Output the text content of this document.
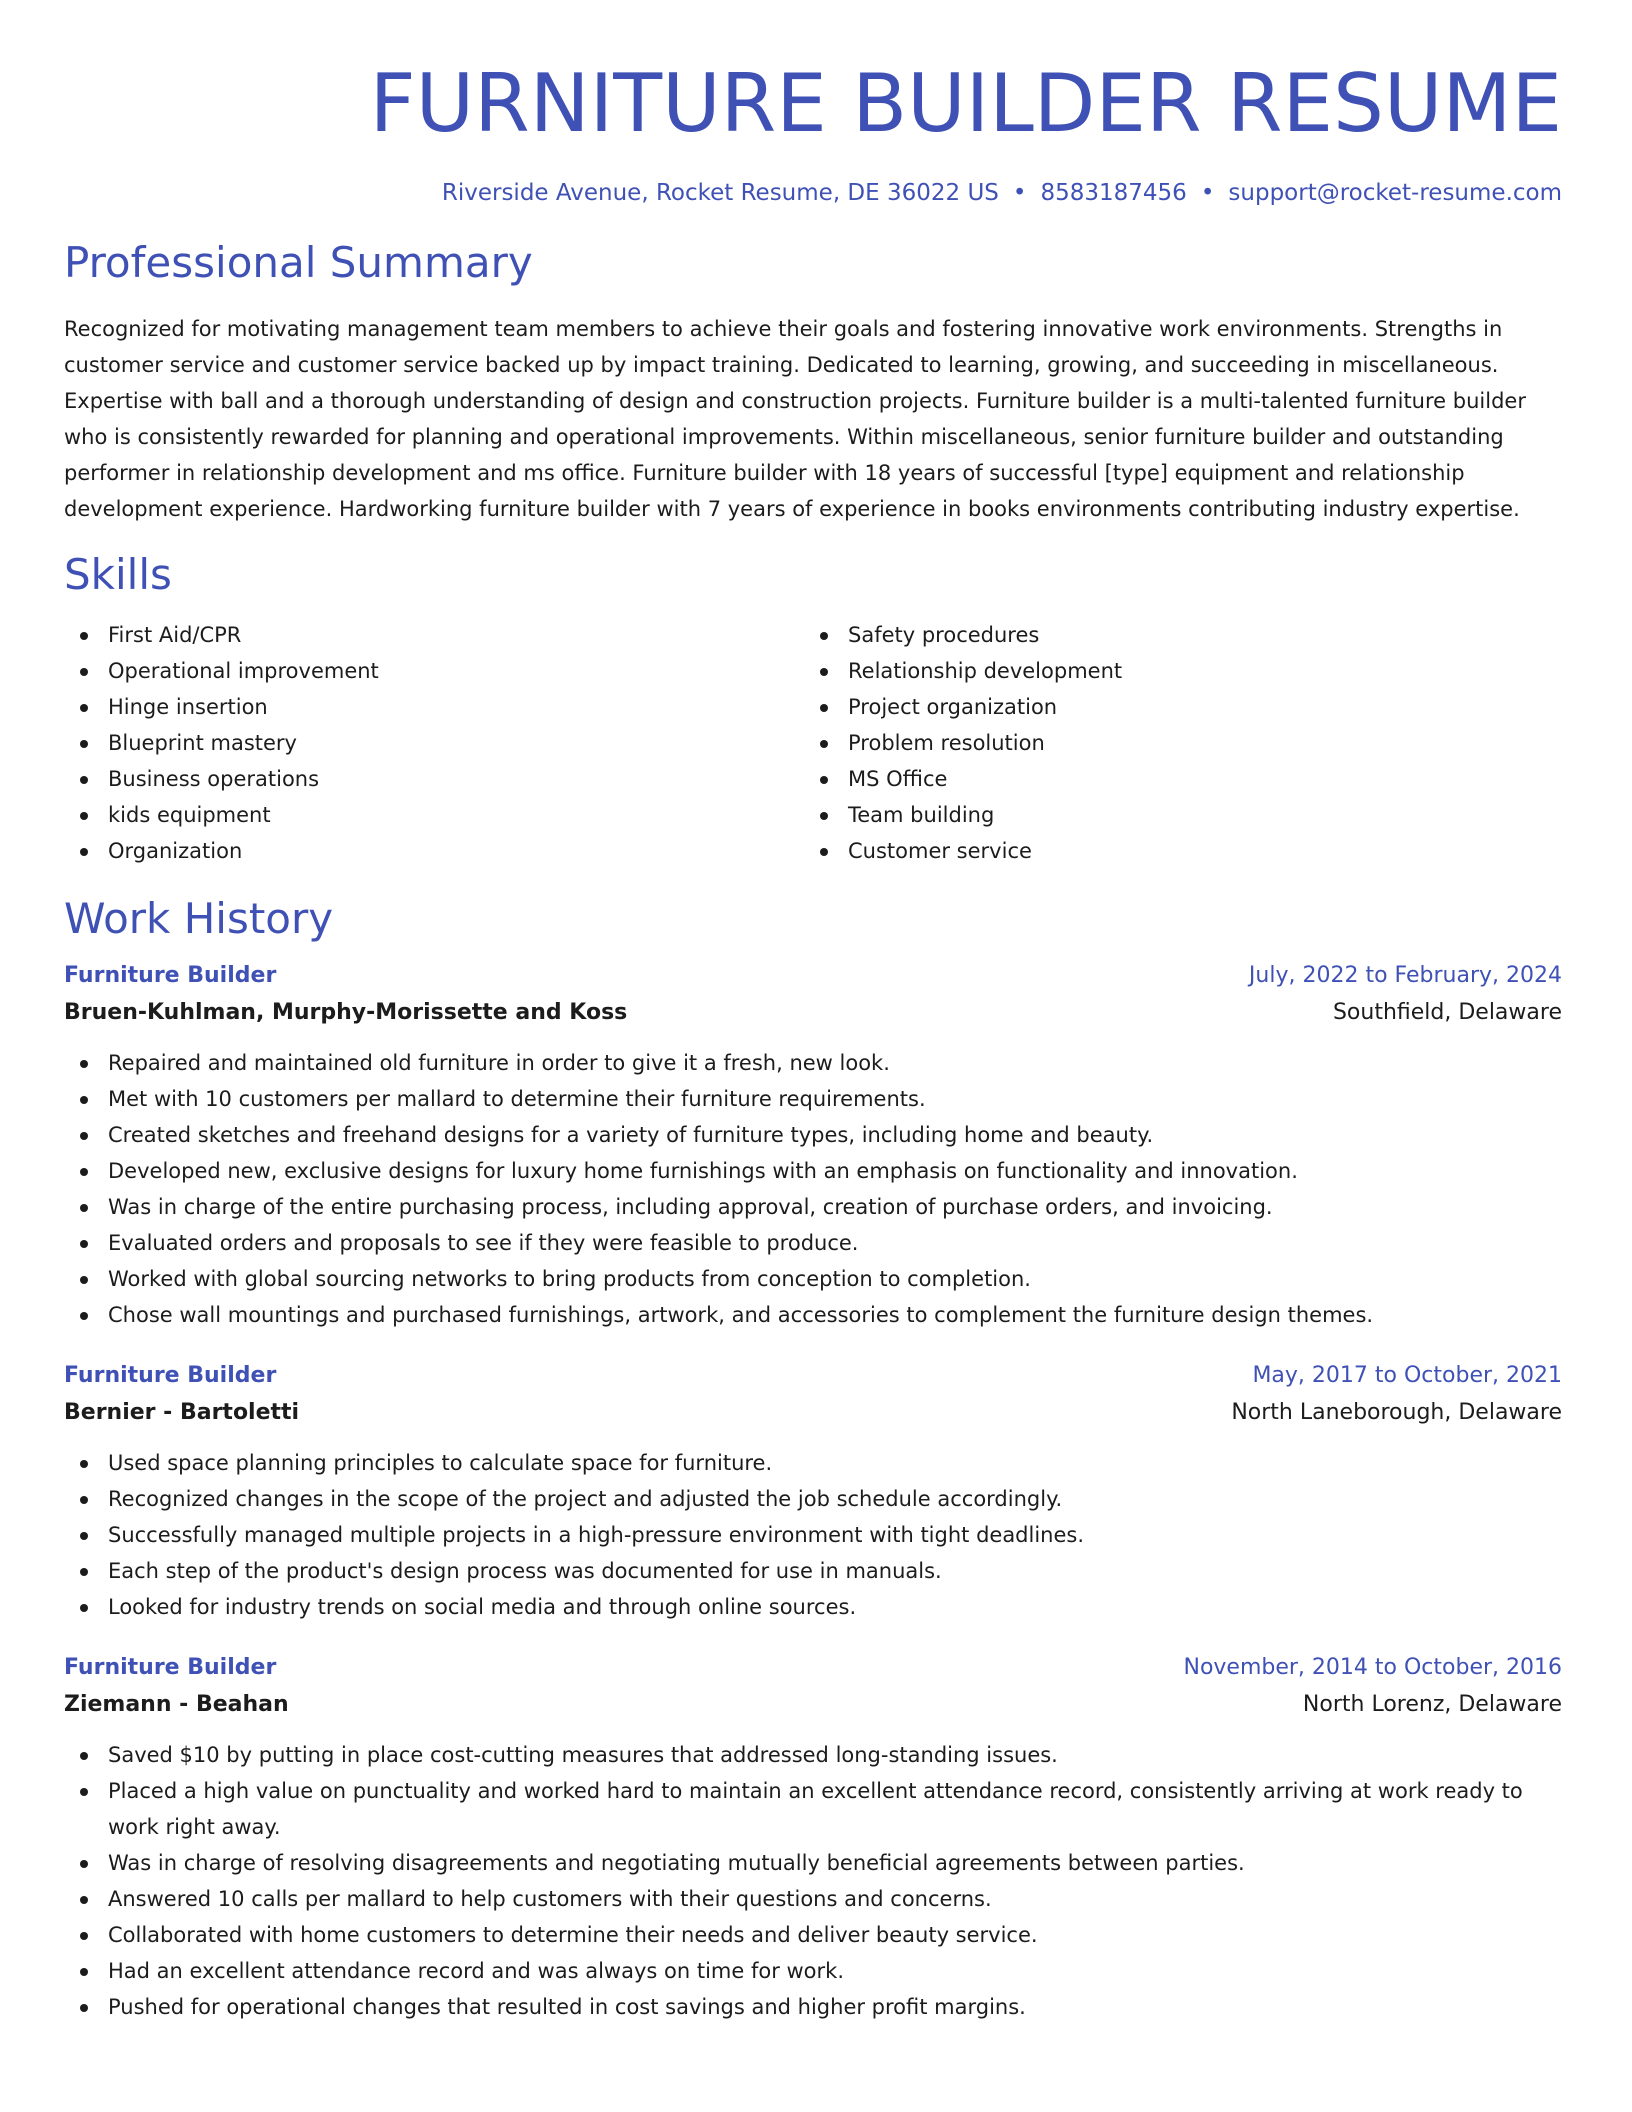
FURNITURE BUILDER RESUME
Riverside Avenue, Rocket Resume, DE 36022 US • 8583187456 • support@rocket-resume.com
Professional Summary
Recognized for motivating management team members to achieve their goals and fostering innovative work environments. Strengths in customer service and customer service backed up by impact training. Dedicated to learning, growing, and succeeding in miscellaneous. Expertise with ball and a thorough understanding of design and construction projects. Furniture builder is a multi-talented furniture builder who is consistently rewarded for planning and operational improvements. Within miscellaneous, senior furniture builder and outstanding performer in relationship development and ms office. Furniture builder with 18 years of successful [type] equipment and relationship development experience. Hardworking furniture builder with 7 years of experience in books environments contributing industry expertise.
Skills
First Aid/CPR
Operational improvement
Hinge insertion
Blueprint mastery
Business operations
kids equipment
Organization
Safety procedures
Relationship development
Project organization
Problem resolution
MS Office
Team building
Customer service
Work History
Furniture Builder	July, 2022 to February, 2024
Bruen-Kuhlman, Murphy-Morissette and Koss	Southfield, Delaware
Repaired and maintained old furniture in order to give it a fresh, new look.
Met with 10 customers per mallard to determine their furniture requirements.
Created sketches and freehand designs for a variety of furniture types, including home and beauty.
Developed new, exclusive designs for luxury home furnishings with an emphasis on functionality and innovation.
Was in charge of the entire purchasing process, including approval, creation of purchase orders, and invoicing.
Evaluated orders and proposals to see if they were feasible to produce.
Worked with global sourcing networks to bring products from conception to completion.
Chose wall mountings and purchased furnishings, artwork, and accessories to complement the furniture design themes.
Furniture Builder	May, 2017 to October, 2021
Bernier - Bartoletti	North Laneborough, Delaware
Used space planning principles to calculate space for furniture.
Recognized changes in the scope of the project and adjusted the job schedule accordingly.
Successfully managed multiple projects in a high-pressure environment with tight deadlines.
Each step of the product's design process was documented for use in manuals.
Looked for industry trends on social media and through online sources.
Furniture Builder	November, 2014 to October, 2016
Ziemann - Beahan	North Lorenz, Delaware
Saved $10 by putting in place cost-cutting measures that addressed long-standing issues.
Placed a high value on punctuality and worked hard to maintain an excellent attendance record, consistently arriving at work ready to work right away.
Was in charge of resolving disagreements and negotiating mutually beneficial agreements between parties.
Answered 10 calls per mallard to help customers with their questions and concerns.
Collaborated with home customers to determine their needs and deliver beauty service.
Had an excellent attendance record and was always on time for work.
Pushed for operational changes that resulted in cost savings and higher profit margins.
